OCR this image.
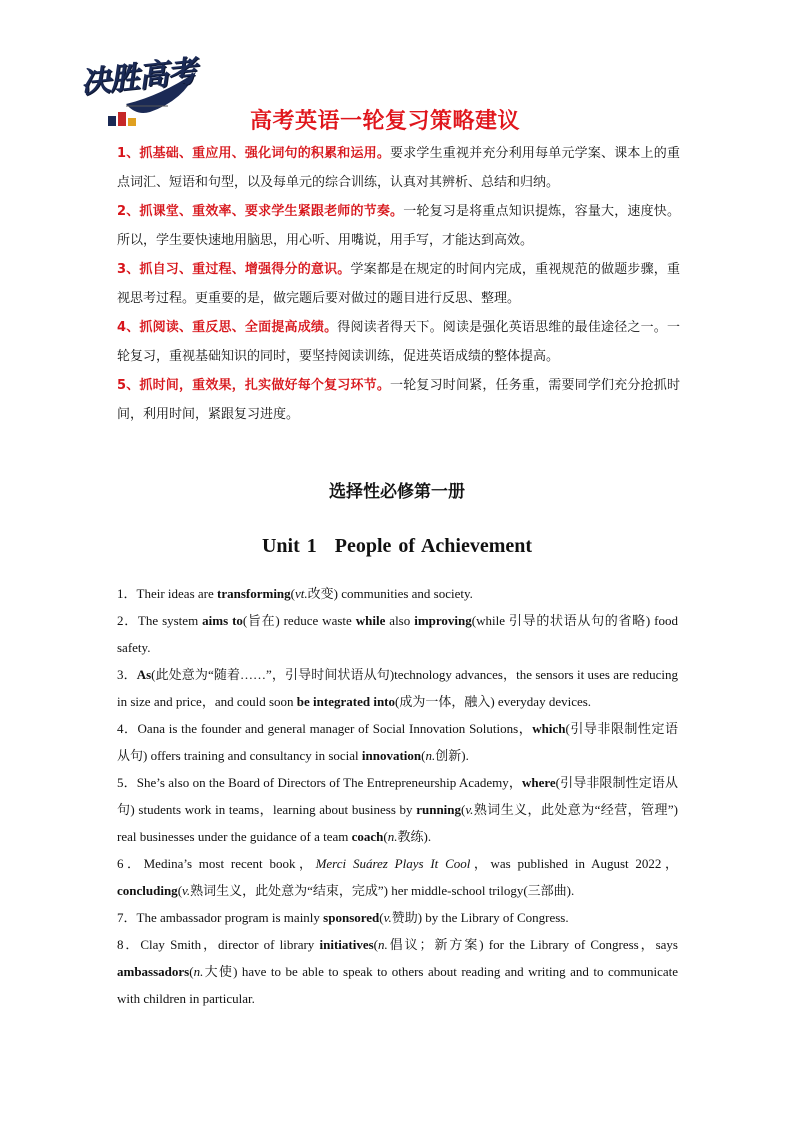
决胜高考
高考英语一轮复习策略建议

1、抓基础、重应用、强化词句的积累和运用。要求学生重视并充分利用每单元学案、课本上的重点词汇、短语和句型，以及每单元的综合训练，认真对其辨析、总结和归纳。

2、抓课堂、重效率、要求学生紧跟老师的节奏。一轮复习是将重点知识提炼，容量大，速度快。所以，学生要快速地用脑思，用心听、用嘴说，用手写，才能达到高效。

3、抓自习、重过程、增强得分的意识。学案都是在规定的时间内完成，重视规范的做题步骤，重视思考过程。更重要的是，做完题后要对做过的题目进行反思、整理。

4、抓阅读、重反思、全面提高成绩。得阅读者得天下。阅读是强化英语思维的最佳途径之一。一轮复习，重视基础知识的同时，要坚持阅读训练，促进英语成绩的整体提高。

5、抓时间，重效果，扎实做好每个复习环节。一轮复习时间紧，任务重，需要同学们充分抢抓时间，利用时间，紧跟复习进度。

选择性必修第一册
Unit 1 People of Achievement

1．Their ideas are transforming(vt.改变) communities and society.

2．The system aims to(旨在) reduce waste while also improving(while 引导的状语从句的省略) food safety.

3．As(此处意为“随着……”，引导时间状语从句)technology advances，the sensors it uses are reducing in size and price，and could soon be integrated into(成为一体，融入) everyday devices.

4．Oana is the founder and general manager of Social Innovation Solutions，which(引导非限制性定语从句) offers training and consultancy in social innovation(n.创新).

5．She’s also on the Board of Directors of The Entrepreneurship Academy，where(引导非限制性定语从句) students work in teams，learning about business by running(v.熟词生义，此处意为“经营，管理”) real businesses under the guidance of a team coach(n.教练).

6．Medina’s most recent book，Merci Suárez Plays It Cool，was published in August 2022，concluding(v.熟词生义，此处意为“结束，完成”) her middle-school trilogy(三部曲).

7．The ambassador program is mainly sponsored(v.赞助) by the Library of Congress.

8．Clay Smith，director of library initiatives(n.倡议；新方案) for the Library of Congress，says ambassadors(n.大使) have to be able to speak to others about reading and writing and to communicate with children in particular.
